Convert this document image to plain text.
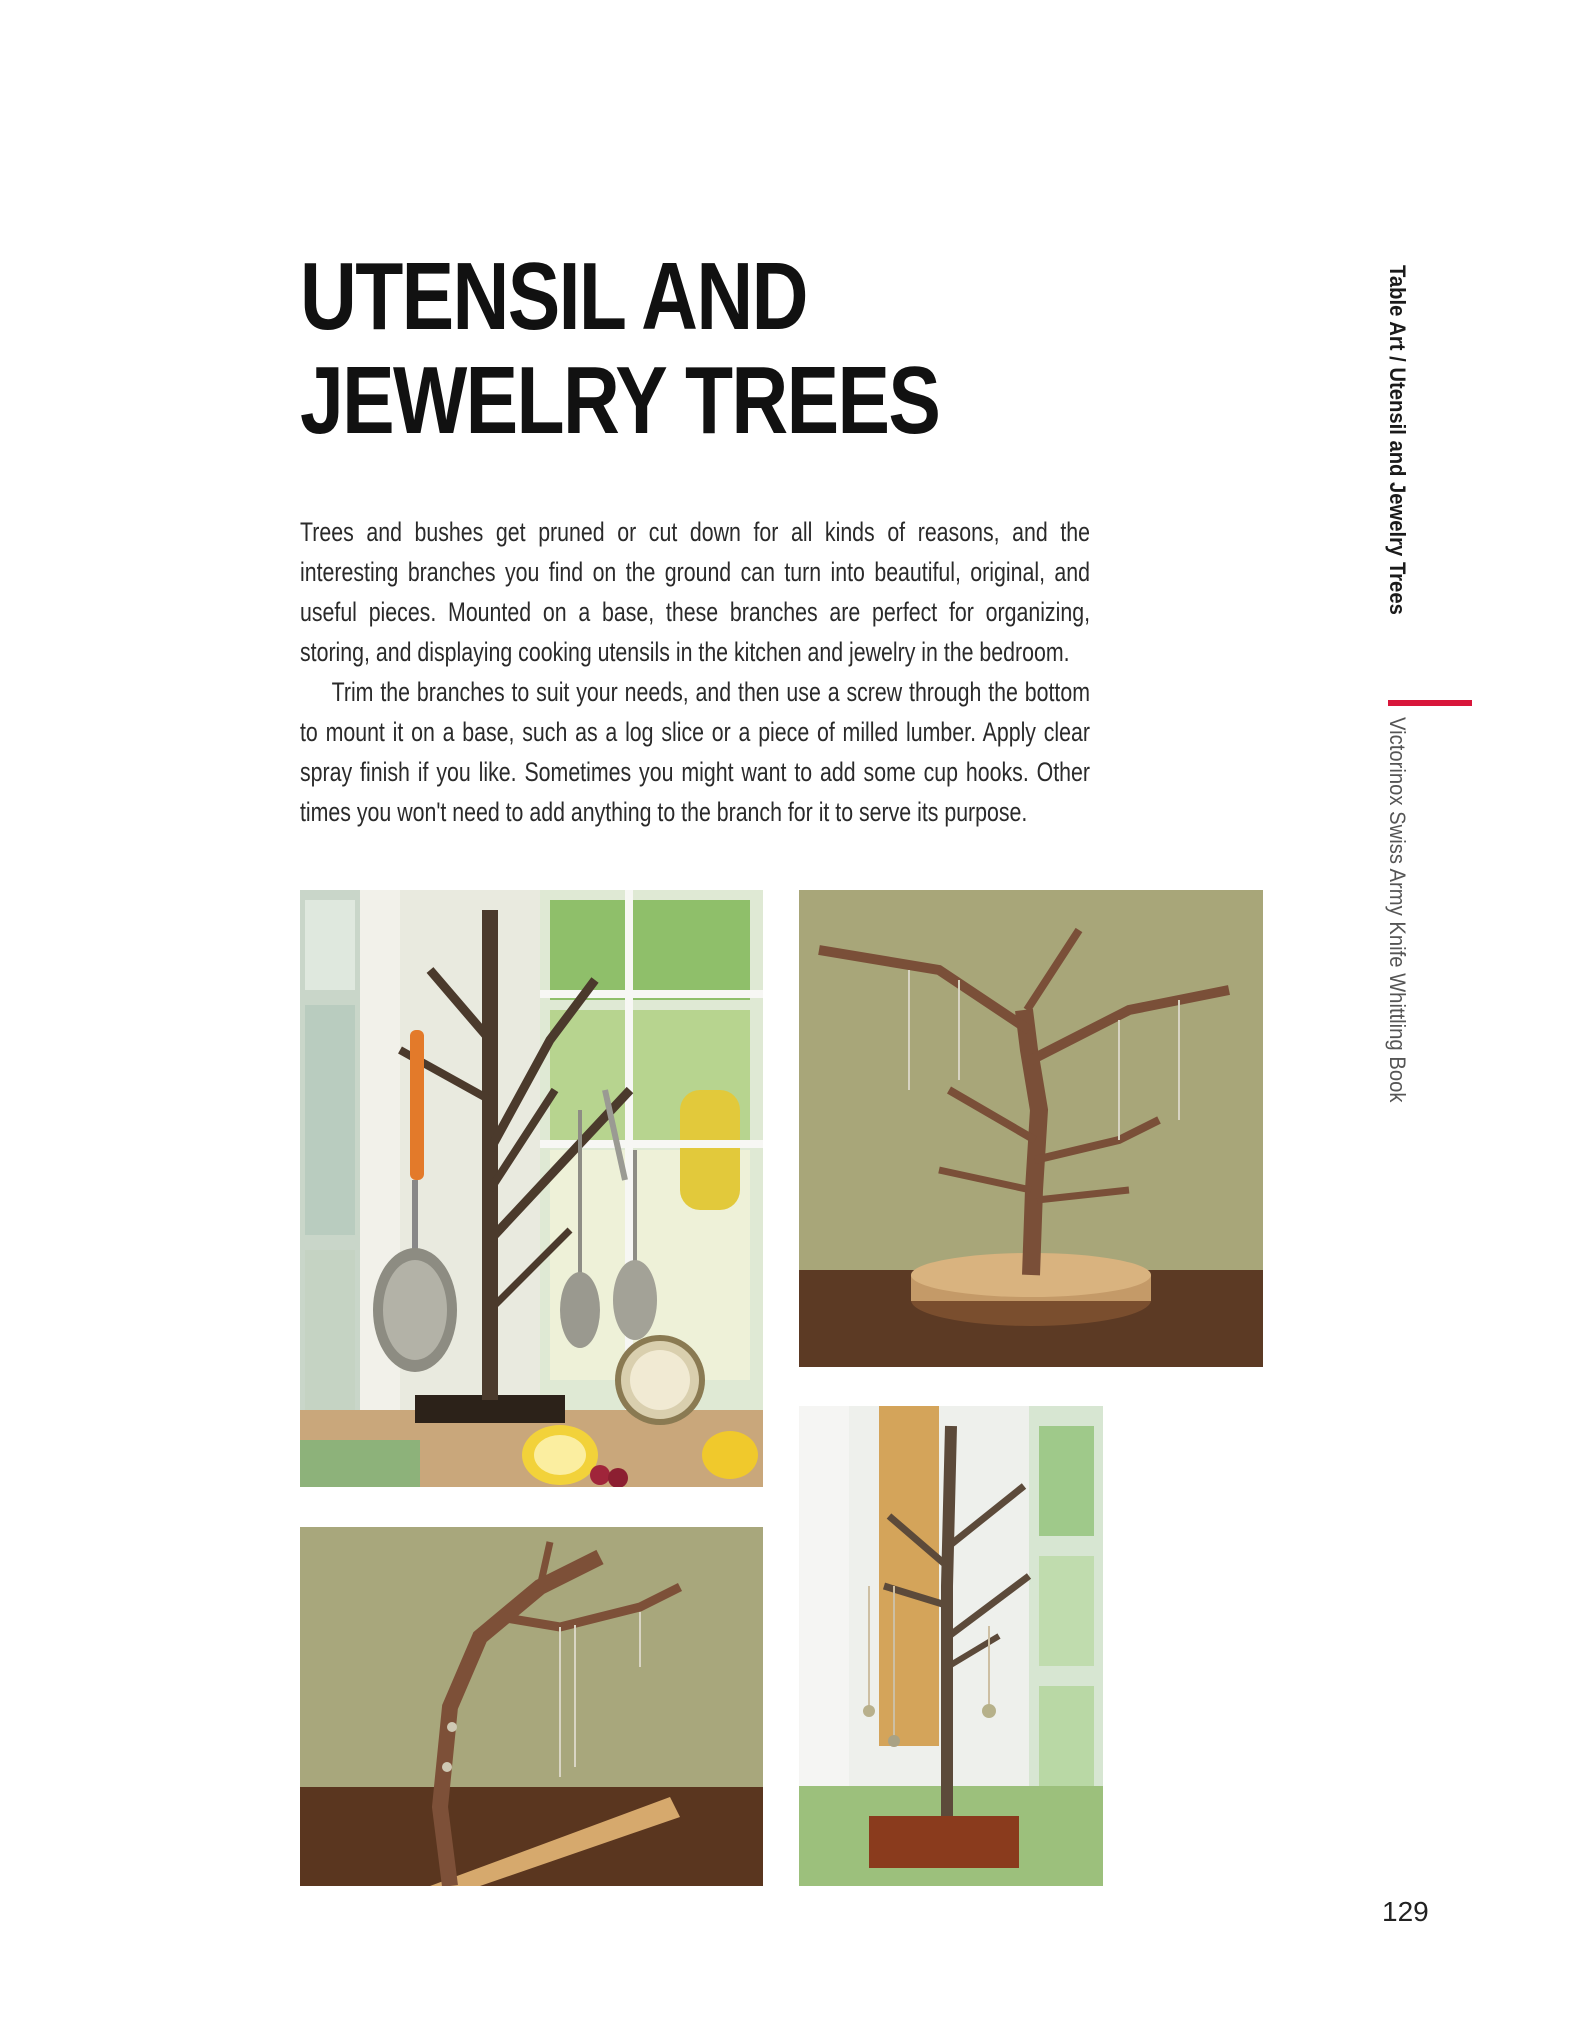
UTENSIL AND
JEWELRY TREES

Trees and bushes get pruned or cut down for all kinds of reasons, and the interesting branches you find on the ground can turn into beautiful, original, and useful pieces. Mounted on a base, these branches are perfect for organizing, storing, and displaying cooking utensils in the kitchen and jewelry in the bedroom.

Trim the branches to suit your needs, and then use a screw through the bottom to mount it on a base, such as a log slice or a piece of milled lumber. Apply clear spray finish if you like. Sometimes you might want to add some cup hooks. Other times you won't need to add anything to the branch for it to serve its purpose.

Table Art / Utensil and Jewelry Trees
Victorinox Swiss Army Knife Whittling Book
129
